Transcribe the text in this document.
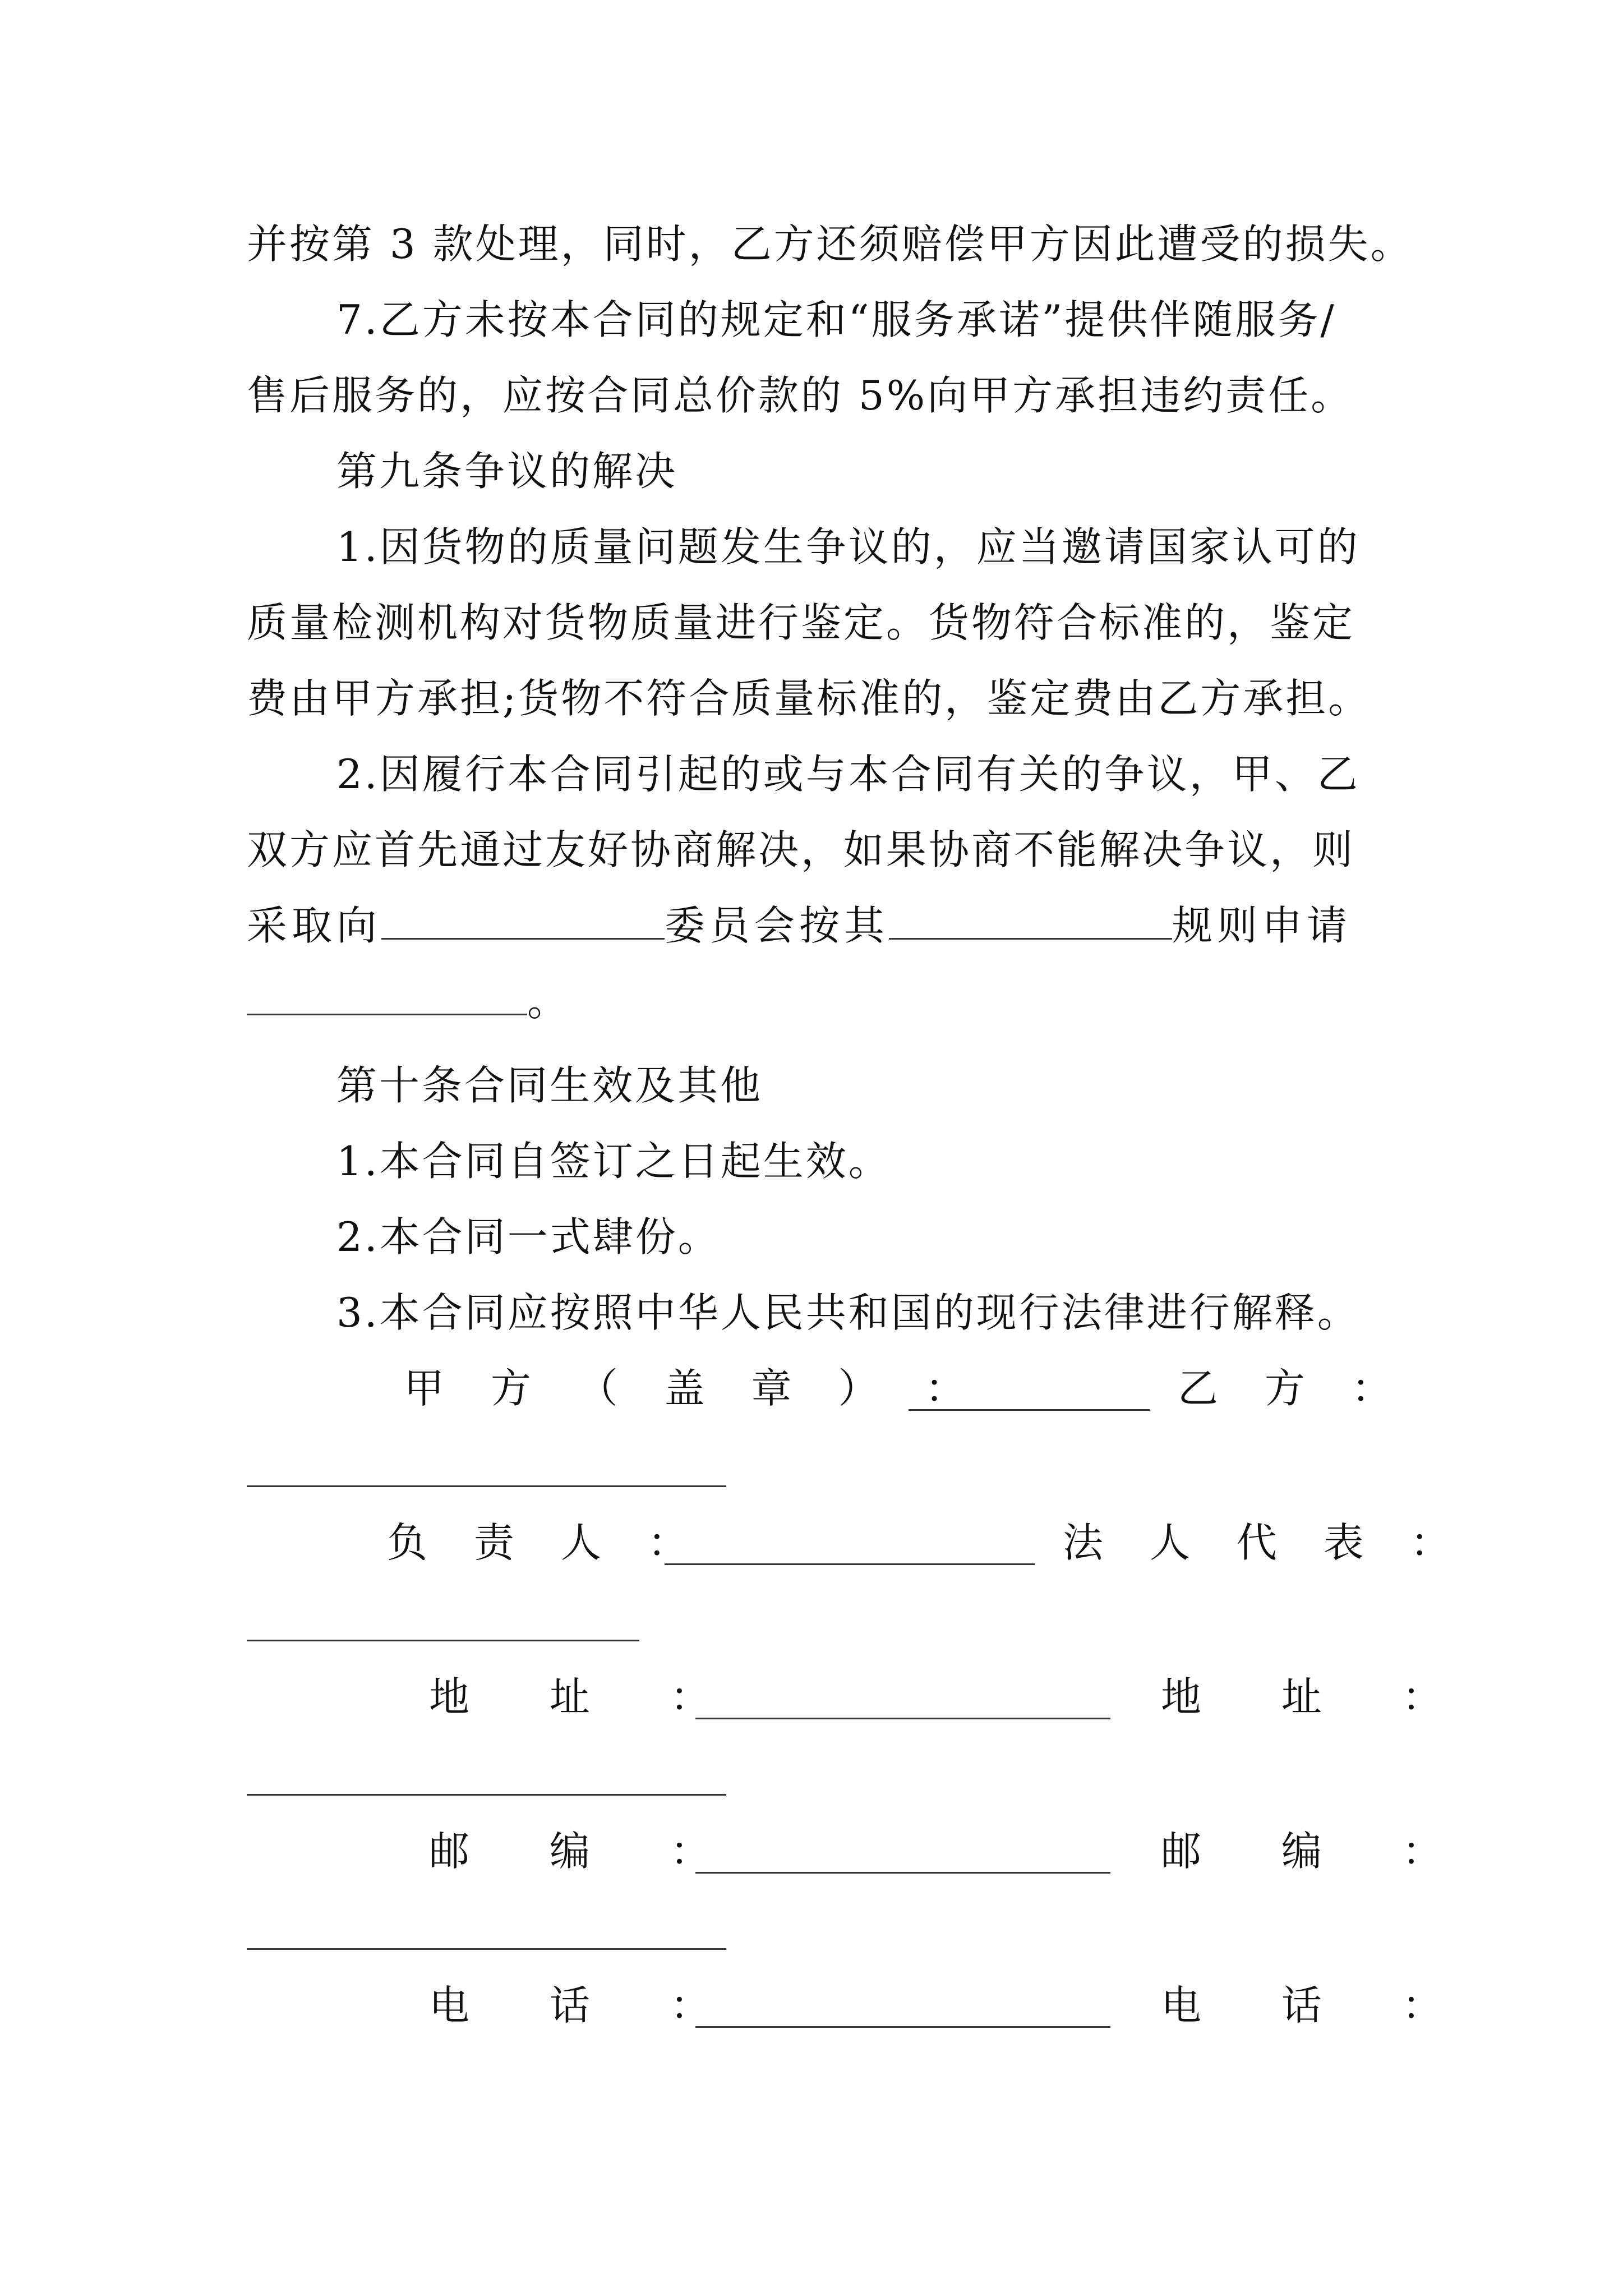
并按第 3 款处理，同时，乙方还须赔偿甲方因此遭受的损失。
7.乙方未按本合同的规定和“服务承诺”提供伴随服务/
售后服务的，应按合同总价款的 5%向甲方承担违约责任。
第九条争议的解决
1.因货物的质量问题发生争议的，应当邀请国家认可的
质量检测机构对货物质量进行鉴定。货物符合标准的，鉴定
费由甲方承担;货物不符合质量标准的，鉴定费由乙方承担。
2.因履行本合同引起的或与本合同有关的争议，甲、乙
双方应首先通过友好协商解决，如果协商不能解决争议，则
采取向	委员会按其	规则申请
。
第十条合同生效及其他
1.本合同自签订之日起生效。
2.本合同一式肆份。
3.本合同应按照中华人民共和国的现行法律进行解释。
甲 方 （ 盖 章 ） ：	乙 方 ：
负 责 人 ：	法 人 代 表 ：
地 址 ：	地 址 ：
邮 编 ：	邮 编 ：
电 话 ：	电 话 ：
